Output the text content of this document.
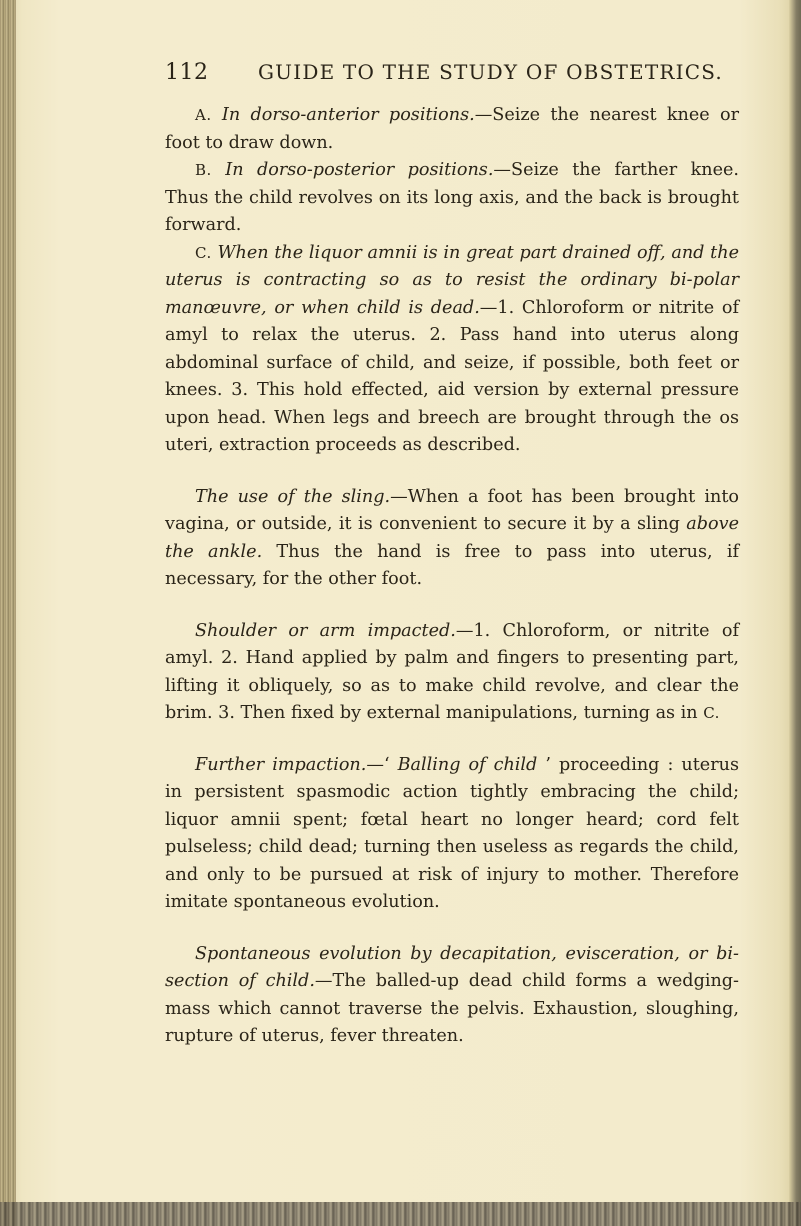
112 GUIDE TO THE STUDY OF OBSTETRICS.

A. In dorso-anterior positions.—Seize the nearest knee or foot to draw down.

B. In dorso-posterior positions.—Seize the farther knee. Thus the child revolves on its long axis, and the back is brought forward.

C. When the liquor amnii is in great part drained off, and the uterus is contracting so as to resist the ordinary bi-polar manœuvre, or when child is dead.—1. Chloroform or nitrite of amyl to relax the uterus. 2. Pass hand into uterus along abdominal surface of child, and seize, if possible, both feet or knees. 3. This hold effected, aid version by external pressure upon head. When legs and breech are brought through the os uteri, extraction proceeds as described.

The use of the sling.—When a foot has been brought into vagina, or outside, it is convenient to secure it by a sling above the ankle. Thus the hand is free to pass into uterus, if necessary, for the other foot.

Shoulder or arm impacted.—1. Chloroform, or nitrite of amyl. 2. Hand applied by palm and fingers to presenting part, lifting it obliquely, so as to make child revolve, and clear the brim. 3. Then fixed by external manipulations, turning as in C.

Further impaction.—‘ Balling of child ’ proceeding : uterus in persistent spasmodic action tightly embracing the child; liquor amnii spent; fœtal heart no longer heard; cord felt pulseless; child dead; turning then useless as regards the child, and only to be pursued at risk of injury to mother. Therefore imitate spontaneous evolution.

Spontaneous evolution by decapitation, evisceration, or bi-section of child.—The balled-up dead child forms a wedging-mass which cannot traverse the pelvis. Exhaustion, sloughing, rupture of uterus, fever threaten.
